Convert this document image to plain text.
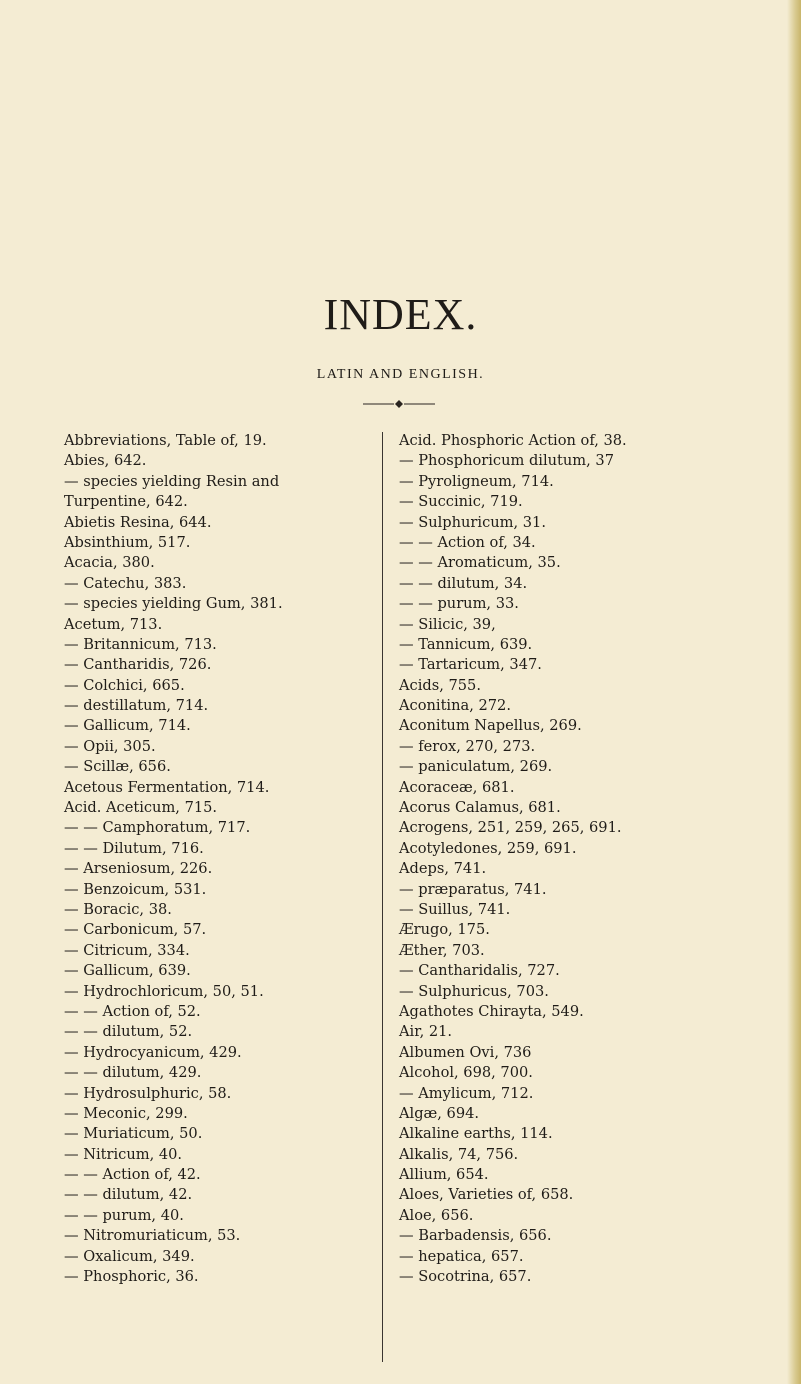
INDEX.
LATIN AND ENGLISH.
Abbreviations, Table of, 19.
Abies, 642.
— species yielding Resin and
Turpentine, 642.
Abietis Resina, 644.
Absinthium, 517.
Acacia, 380.
— Catechu, 383.
— species yielding Gum, 381.
Acetum, 713.
— Britannicum, 713.
— Cantharidis, 726.
— Colchici, 665.
— destillatum, 714.
— Gallicum, 714.
— Opii, 305.
— Scillæ, 656.
Acetous Fermentation, 714.
Acid. Aceticum, 715.
— — Camphoratum, 717.
— — Dilutum, 716.
— Arseniosum, 226.
— Benzoicum, 531.
— Boracic, 38.
— Carbonicum, 57.
— Citricum, 334.
— Gallicum, 639.
— Hydrochloricum, 50, 51.
— — Action of, 52.
— — dilutum, 52.
— Hydrocyanicum, 429.
— — dilutum, 429.
— Hydrosulphuric, 58.
— Meconic, 299.
— Muriaticum, 50.
— Nitricum, 40.
— — Action of, 42.
— — dilutum, 42.
— — purum, 40.
— Nitromuriaticum, 53.
— Oxalicum, 349.
— Phosphoric, 36.
Acid. Phosphoric Action of, 38.
— Phosphoricum dilutum, 37
— Pyroligneum, 714.
— Succinic, 719.
— Sulphuricum, 31.
— — Action of, 34.
— — Aromaticum, 35.
— — dilutum, 34.
— — purum, 33.
— Silicic, 39,
— Tannicum, 639.
— Tartaricum, 347.
Acids, 755.
Aconitina, 272.
Aconitum Napellus, 269.
— ferox, 270, 273.
— paniculatum, 269.
Acoraceæ, 681.
Acorus Calamus, 681.
Acrogens, 251, 259, 265, 691.
Acotyledones, 259, 691.
Adeps, 741.
— præparatus, 741.
— Suillus, 741.
Ærugo, 175.
Æther, 703.
— Cantharidalis, 727.
— Sulphuricus, 703.
Agathotes Chirayta, 549.
Air, 21.
Albumen Ovi, 736
Alcohol, 698, 700.
— Amylicum, 712.
Algæ, 694.
Alkaline earths, 114.
Alkalis, 74, 756.
Allium, 654.
Aloes, Varieties of, 658.
Aloe, 656.
— Barbadensis, 656.
— hepatica, 657.
— Socotrina, 657.
